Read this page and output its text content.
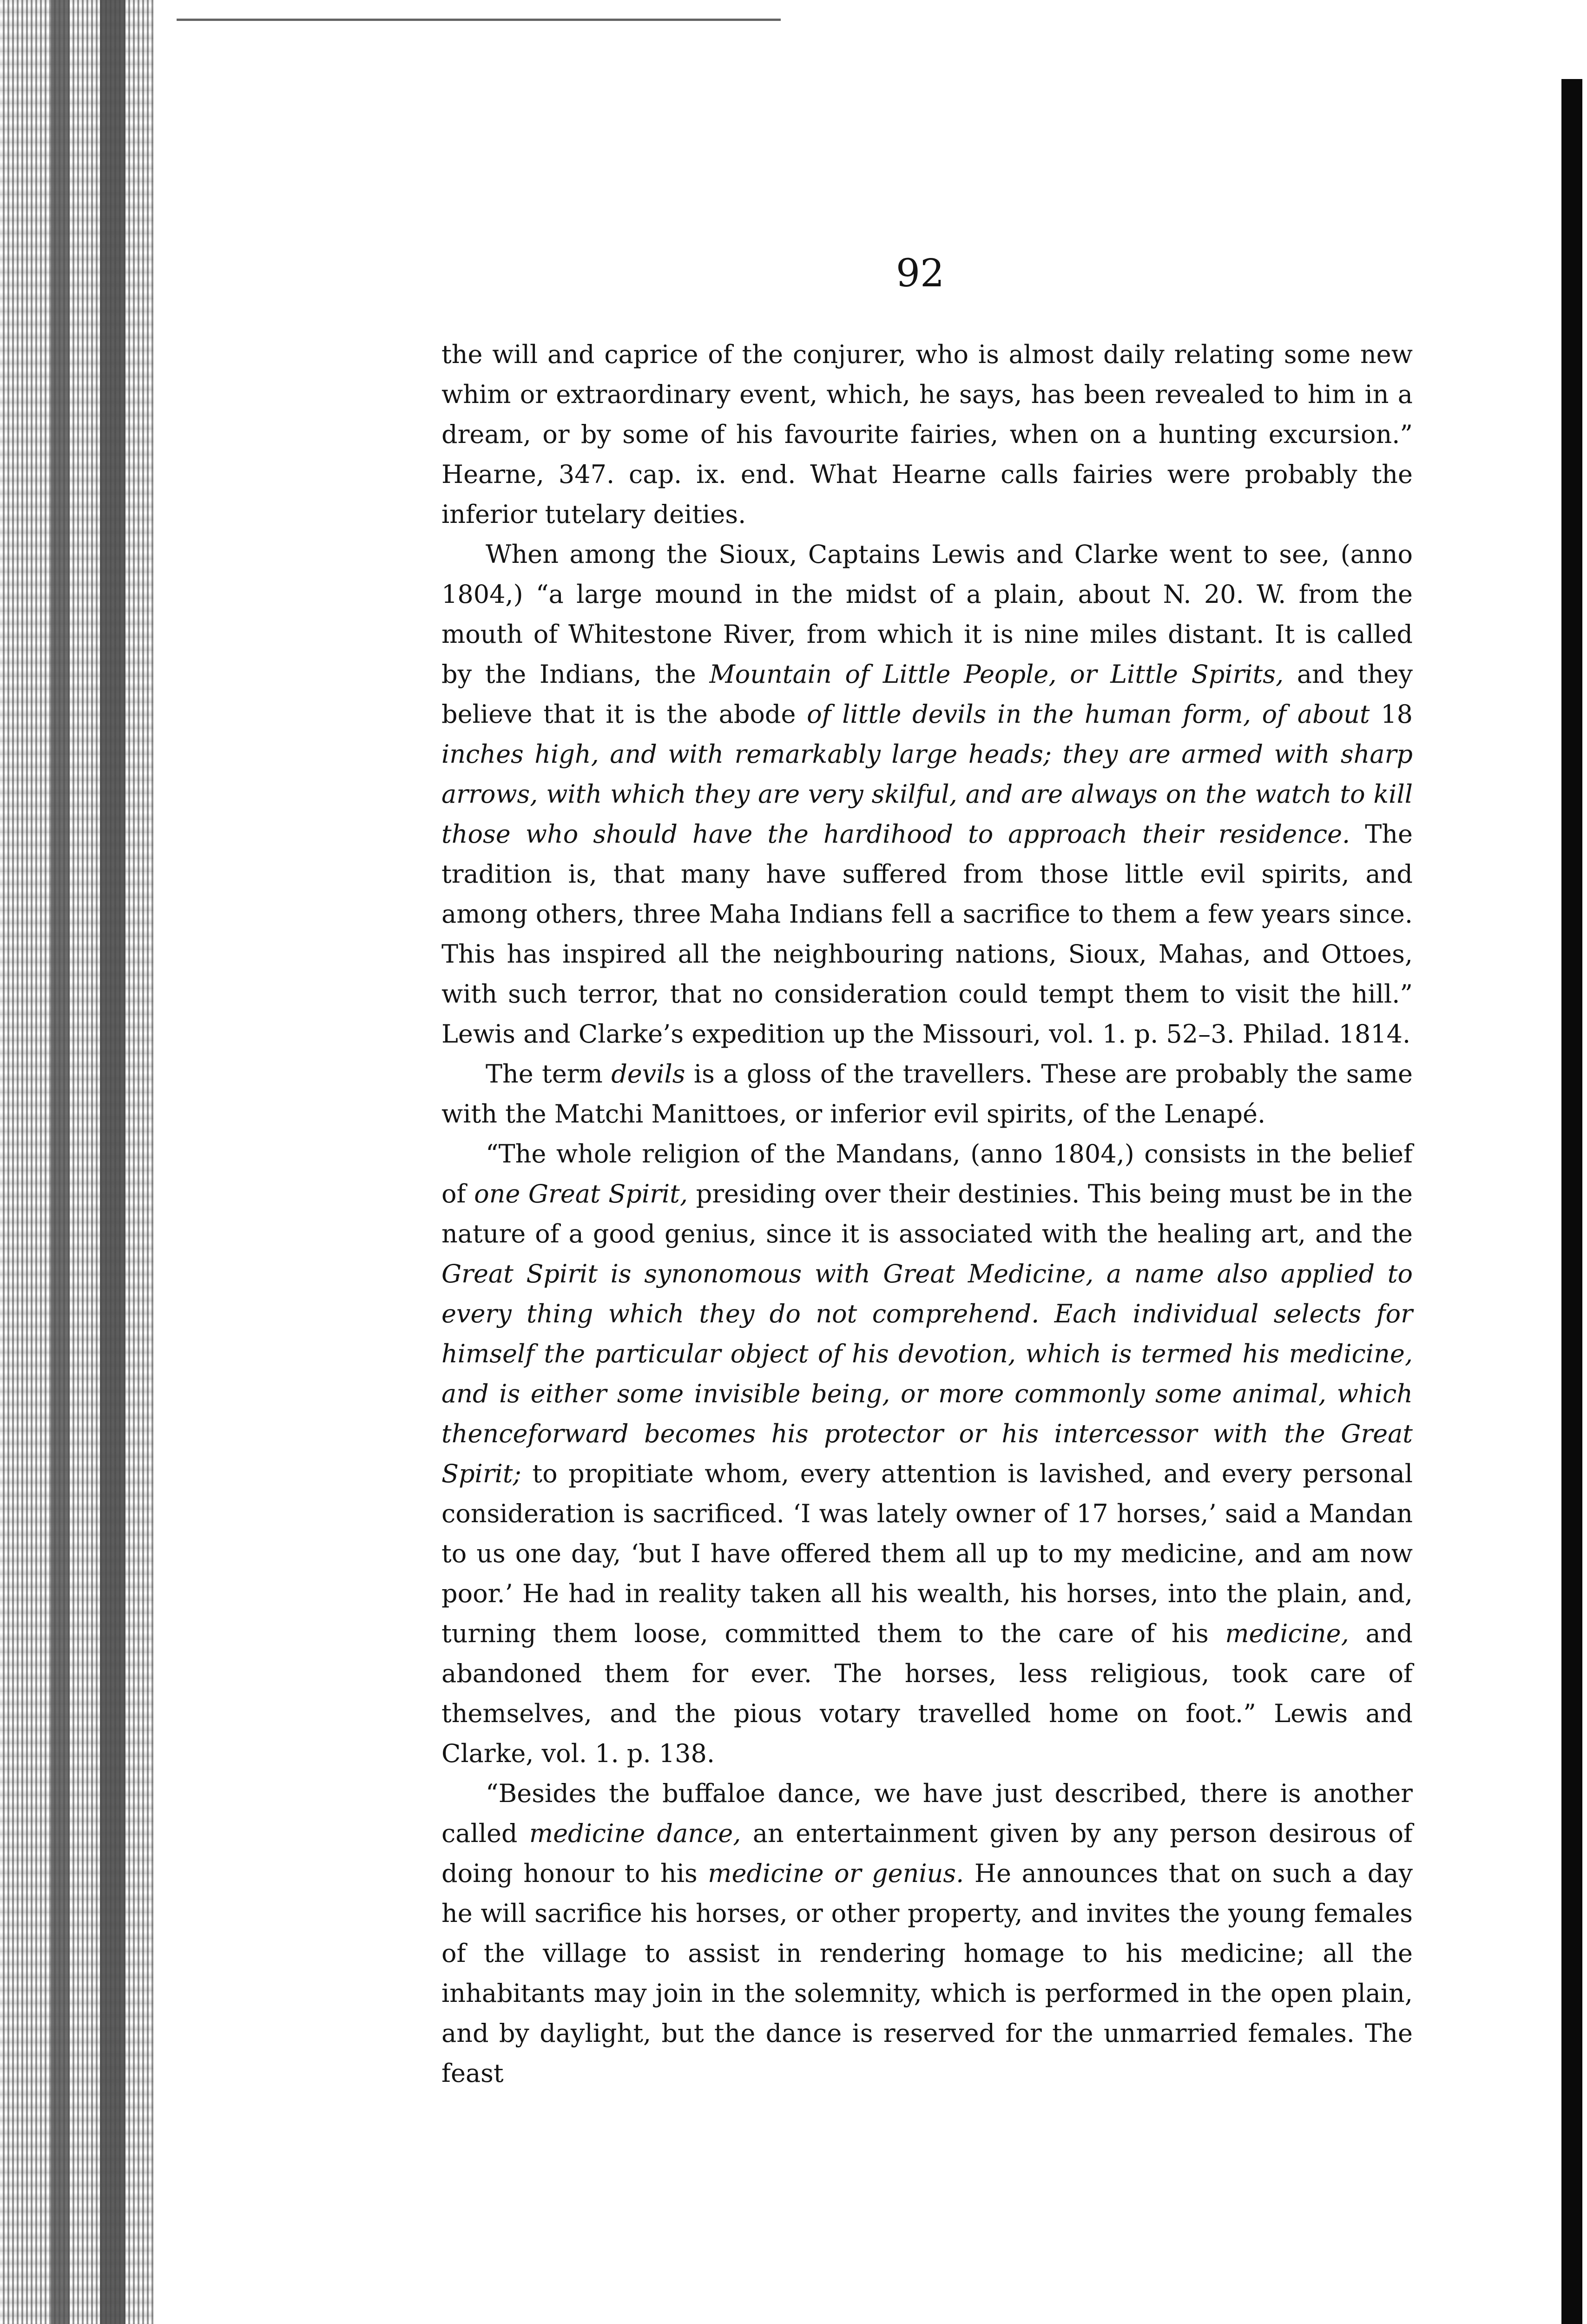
92

the will and caprice of the conjurer, who is almost daily relating some new whim or extraordinary event, which, he says, has been revealed to him in a dream, or by some of his favourite fairies, when on a hunting excursion.” Hearne, 347. cap. ix. end. What Hearne calls fairies were probably the inferior tutelary deities.

When among the Sioux, Captains Lewis and Clarke went to see, (anno 1804,) “a large mound in the midst of a plain, about N. 20. W. from the mouth of Whitestone River, from which it is nine miles distant. It is called by the Indians, the Mountain of Little People, or Little Spirits, and they believe that it is the abode of little devils in the human form, of about 18 inches high, and with remarkably large heads; they are armed with sharp arrows, with which they are very skilful, and are always on the watch to kill those who should have the hardihood to approach their residence. The tradition is, that many have suffered from those little evil spirits, and among others, three Maha Indians fell a sacrifice to them a few years since. This has inspired all the neighbouring nations, Sioux, Mahas, and Ottoes, with such terror, that no consideration could tempt them to visit the hill.” Lewis and Clarke’s expedition up the Missouri, vol. 1. p. 52–3. Philad. 1814.

The term devils is a gloss of the travellers. These are probably the same with the Matchi Manittoes, or inferior evil spirits, of the Lenapé.

“The whole religion of the Mandans, (anno 1804,) consists in the belief of one Great Spirit, presiding over their destinies. This being must be in the nature of a good genius, since it is associated with the healing art, and the Great Spirit is synonomous with Great Medicine, a name also applied to every thing which they do not comprehend. Each individual selects for himself the particular object of his devotion, which is termed his medicine, and is either some invisible being, or more commonly some animal, which thenceforward becomes his protector or his intercessor with the Great Spirit; to propitiate whom, every attention is lavished, and every personal consideration is sacrificed. ‘I was lately owner of 17 horses,’ said a Mandan to us one day, ‘but I have offered them all up to my medicine, and am now poor.’ He had in reality taken all his wealth, his horses, into the plain, and, turning them loose, committed them to the care of his medicine, and abandoned them for ever. The horses, less religious, took care of themselves, and the pious votary travelled home on foot.” Lewis and Clarke, vol. 1. p. 138.

“Besides the buffaloe dance, we have just described, there is another called medicine dance, an entertainment given by any person desirous of doing honour to his medicine or genius. He announces that on such a day he will sacrifice his horses, or other property, and invites the young females of the village to assist in rendering homage to his medicine; all the inhabitants may join in the solemnity, which is performed in the open plain, and by daylight, but the dance is reserved for the unmarried females. The feast
